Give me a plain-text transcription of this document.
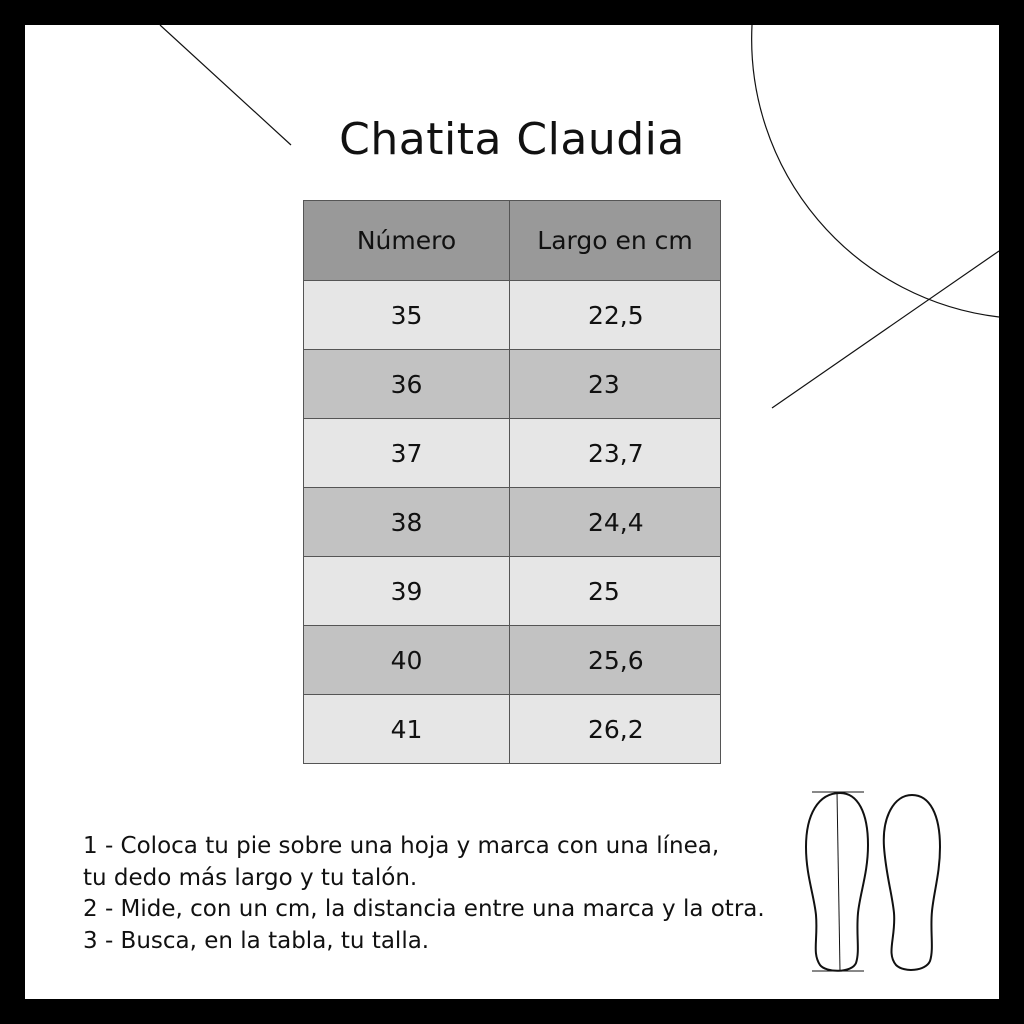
Chatita Claudia
Número	Largo en cm
35	22,5
36	23
37	23,7
38	24,4
39	25
40	25,6
41	26,2
1 - Coloca tu pie sobre una hoja y marca con una línea,
tu dedo más largo y tu talón.
2 - Mide, con un cm, la distancia entre una marca y la otra.
3 - Busca, en la tabla, tu talla.
